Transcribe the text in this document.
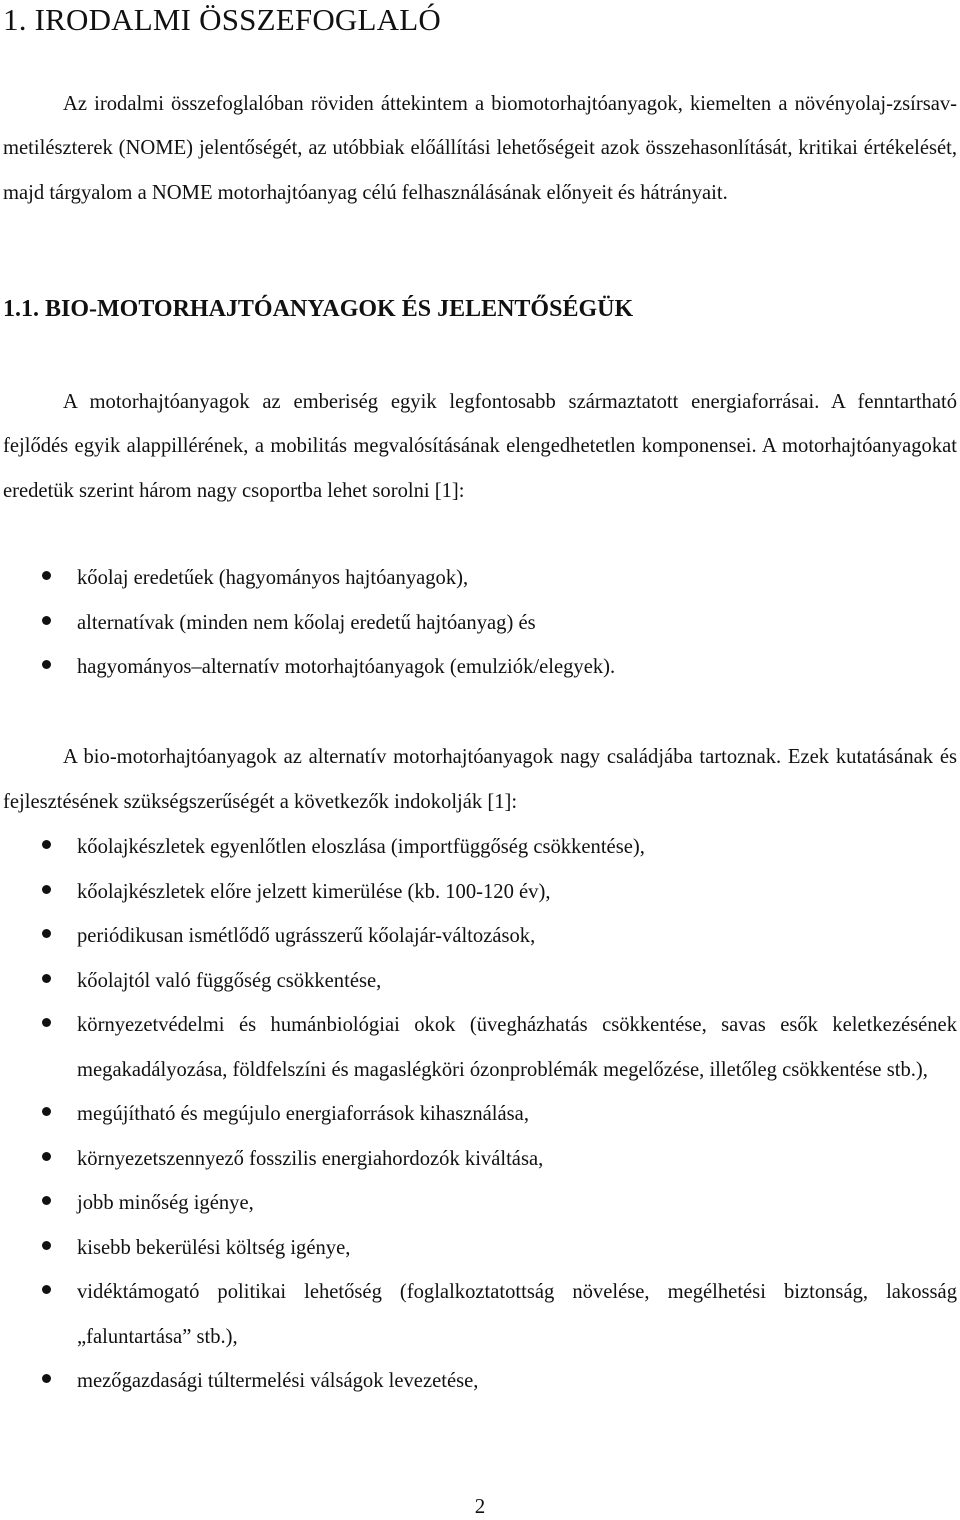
1. IRODALMI ÖSSZEFOGLALÓ

Az irodalmi összefoglalóban röviden áttekintem a biomotorhajtóanyagok, kiemelten a növényolaj-zsírsav-metilészterek (NOME) jelentőségét, az utóbbiak előállítási lehetőségeit azok összehasonlítását, kritikai értékelését, majd tárgyalom a NOME motorhajtóanyag célú felhasználásának előnyeit és hátrányait.

1.1. BIO-MOTORHAJTÓANYAGOK ÉS JELENTŐSÉGÜK

A motorhajtóanyagok az emberiség egyik legfontosabb származtatott energiaforrásai. A fenntartható fejlődés egyik alappillérének, a mobilitás megvalósításának elengedhetetlen komponensei. A motorhajtóanyagokat eredetük szerint három nagy csoportba lehet sorolni [1]:

kőolaj eredetűek (hagyományos hajtóanyagok),
alternatívak (minden nem kőolaj eredetű hajtóanyag) és
hagyományos–alternatív motorhajtóanyagok (emulziók/elegyek).

A bio-motorhajtóanyagok az alternatív motorhajtóanyagok nagy családjába tartoznak. Ezek kutatásának és fejlesztésének szükségszerűségét a következők indokolják [1]:

kőolajkészletek egyenlőtlen eloszlása (importfüggőség csökkentése),
kőolajkészletek előre jelzett kimerülése (kb. 100-120 év),
periódikusan ismétlődő ugrásszerű kőolajár-változások,
kőolajtól való függőség csökkentése,
környezetvédelmi és humánbiológiai okok (üvegházhatás csökkentése, savas esők keletkezésének megakadályozása, földfelszíni és magaslégköri ózonproblémák megelőzése, illetőleg csökkentése stb.),
megújítható és megújulo energiaforrások kihasználása,
környezetszennyező fosszilis energiahordozók kiváltása,
jobb minőség igénye,
kisebb bekerülési költség igénye,
vidéktámogató politikai lehetőség (foglalkoztatottság növelése, megélhetési biztonság, lakosság „faluntartása” stb.),
mezőgazdasági túltermelési válságok levezetése,
2
